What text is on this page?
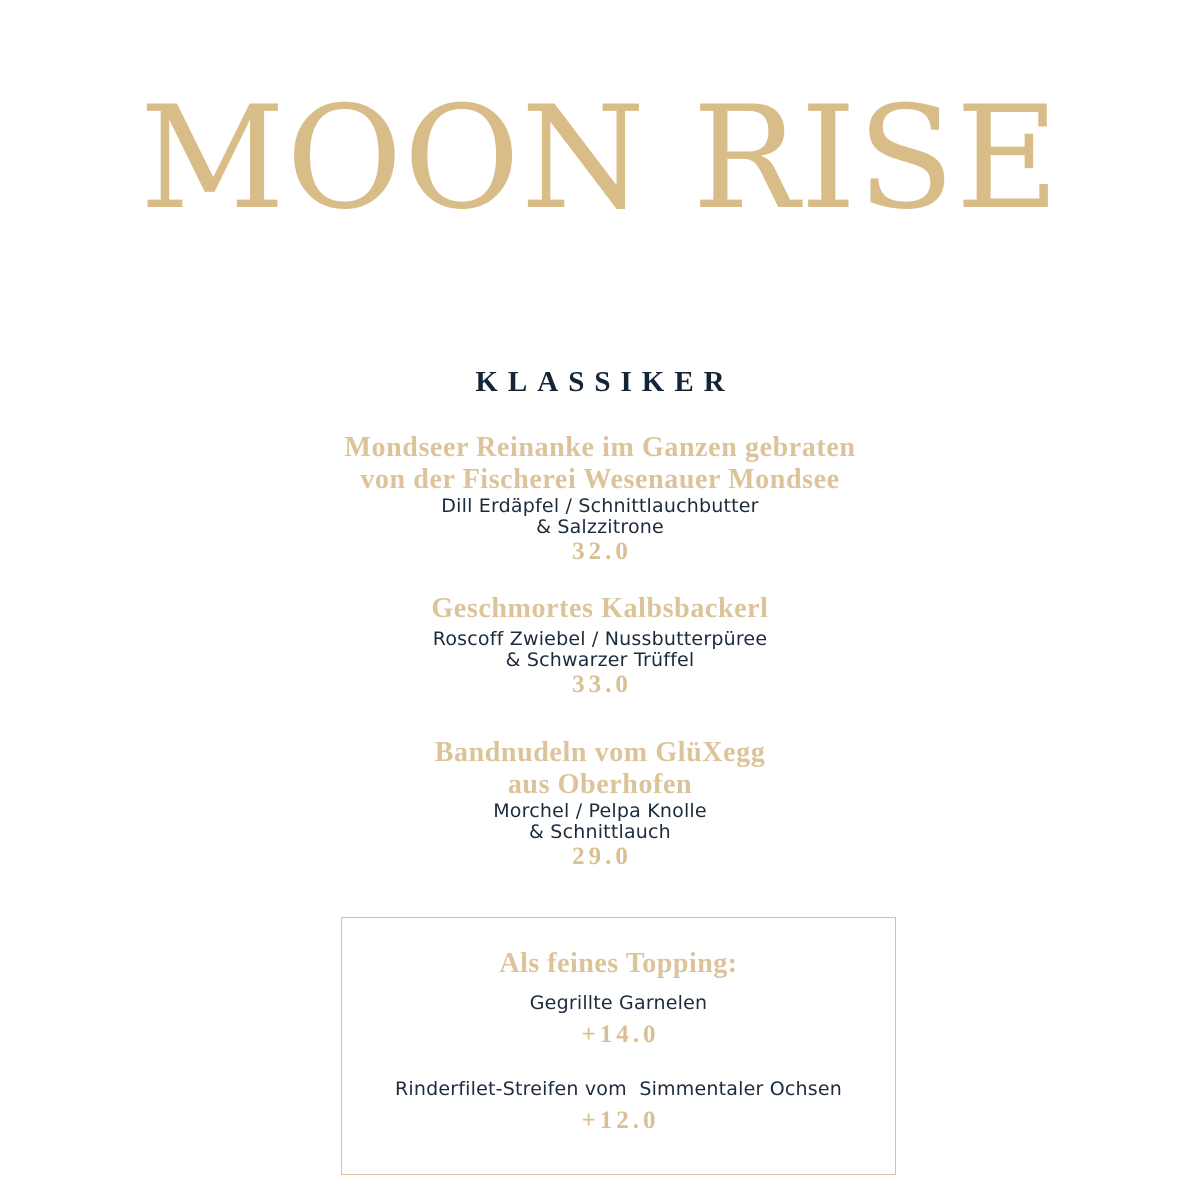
MOON RISE
KLASSIKER
Mondseer Reinanke im Ganzen gebraten
von der Fischerei Wesenauer Mondsee
Dill Erdäpfel / Schnittlauchbutter
& Salzzitrone
32.0
Geschmortes Kalbsbackerl
Roscoff Zwiebel / Nussbutterpüree
& Schwarzer Trüffel
33.0
Bandnudeln vom GlüXegg
aus Oberhofen
Morchel / Pelpa Knolle
& Schnittlauch
29.0
Als feines Topping:
Gegrillte Garnelen
+14.0
Rinderfilet-Streifen vom  Simmentaler Ochsen
+12.0
